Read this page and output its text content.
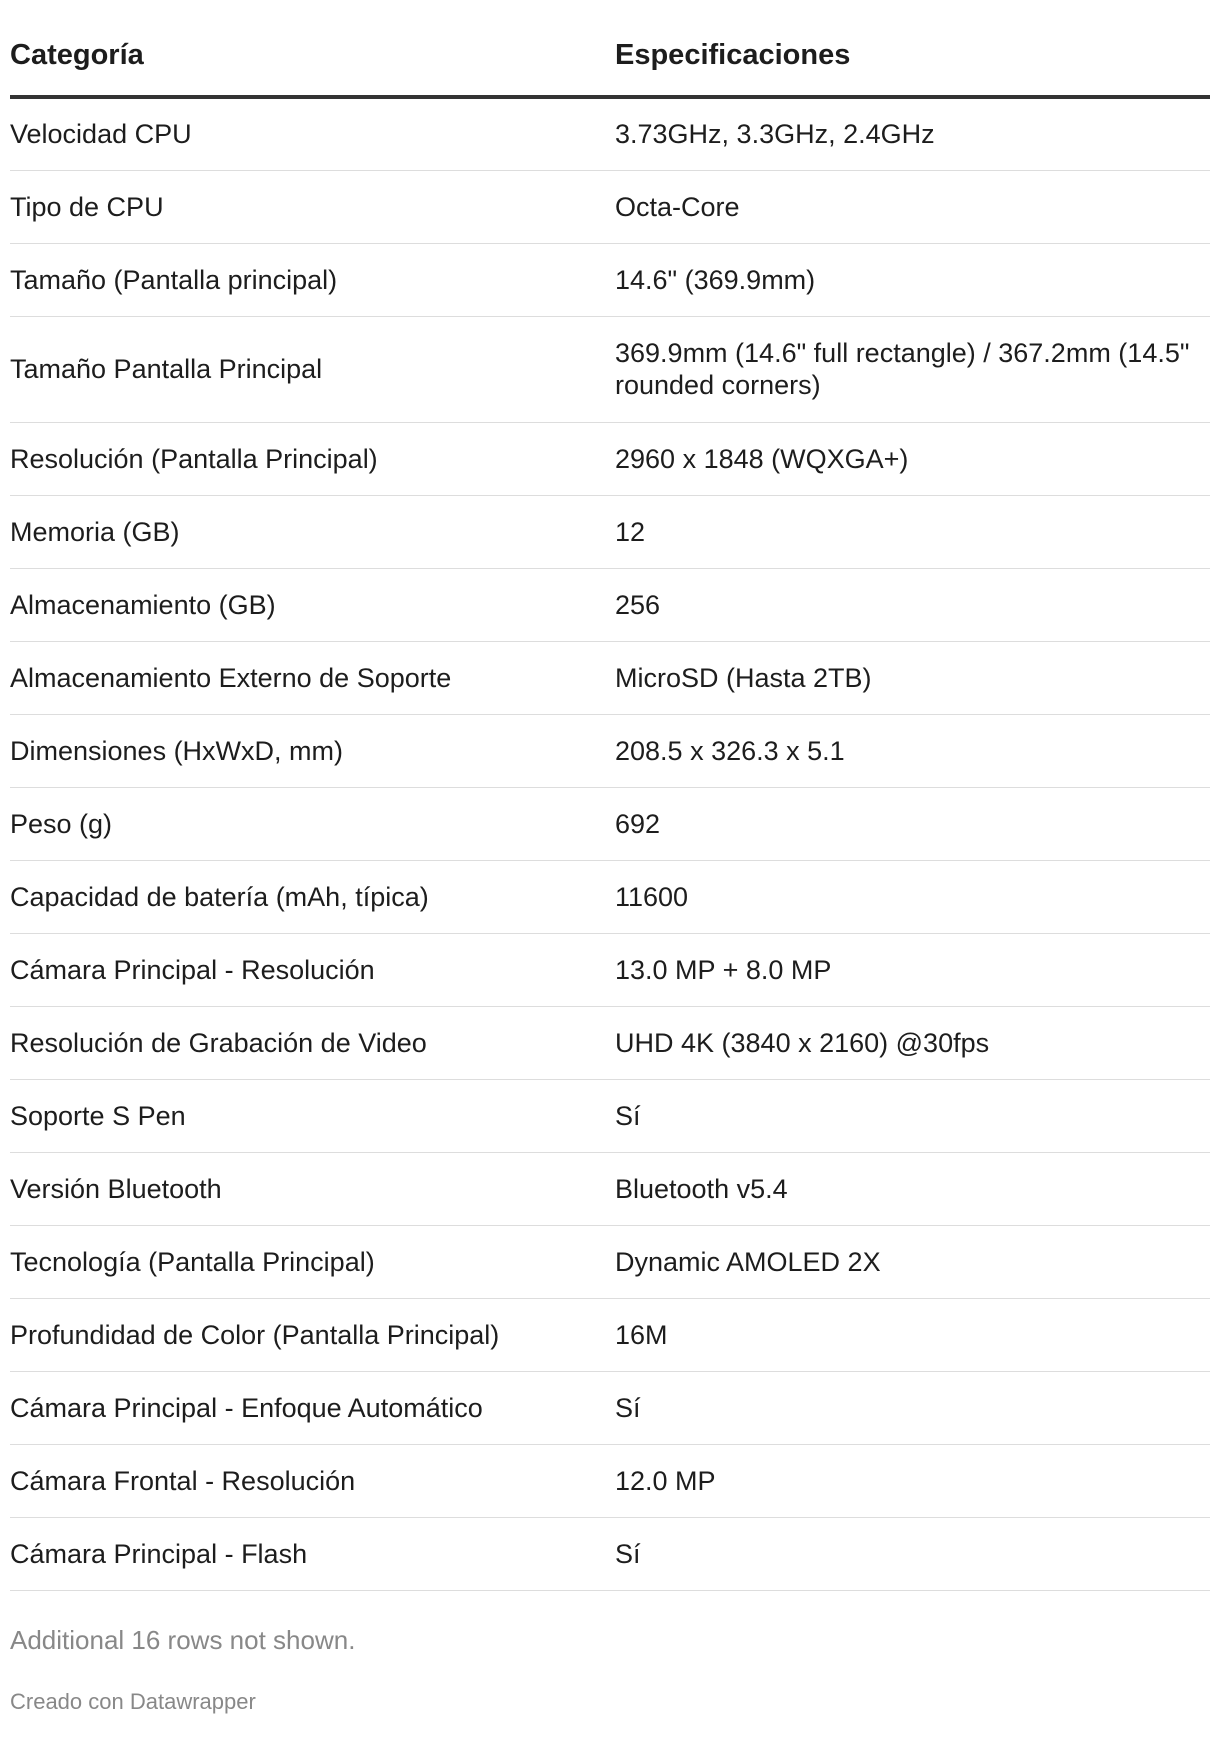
Categoría	Especificaciones
Velocidad CPU	3.73GHz, 3.3GHz, 2.4GHz
Tipo de CPU	Octa-Core
Tamaño (Pantalla principal)	14.6" (369.9mm)
Tamaño Pantalla Principal	369.9mm (14.6" full rectangle) / 367.2mm (14.5" rounded corners)
Resolución (Pantalla Principal)	2960 x 1848 (WQXGA+)
Memoria (GB)	12
Almacenamiento (GB)	256
Almacenamiento Externo de Soporte	MicroSD (Hasta 2TB)
Dimensiones (HxWxD, mm)	208.5 x 326.3 x 5.1
Peso (g)	692
Capacidad de batería (mAh, típica)	11600
Cámara Principal - Resolución	13.0 MP + 8.0 MP
Resolución de Grabación de Video	UHD 4K (3840 x 2160) @30fps
Soporte S Pen	Sí
Versión Bluetooth	Bluetooth v5.4
Tecnología (Pantalla Principal)	Dynamic AMOLED 2X
Profundidad de Color (Pantalla Principal)	16M
Cámara Principal - Enfoque Automático	Sí
Cámara Frontal - Resolución	12.0 MP
Cámara Principal - Flash	Sí
Additional 16 rows not shown.
Creado con Datawrapper
